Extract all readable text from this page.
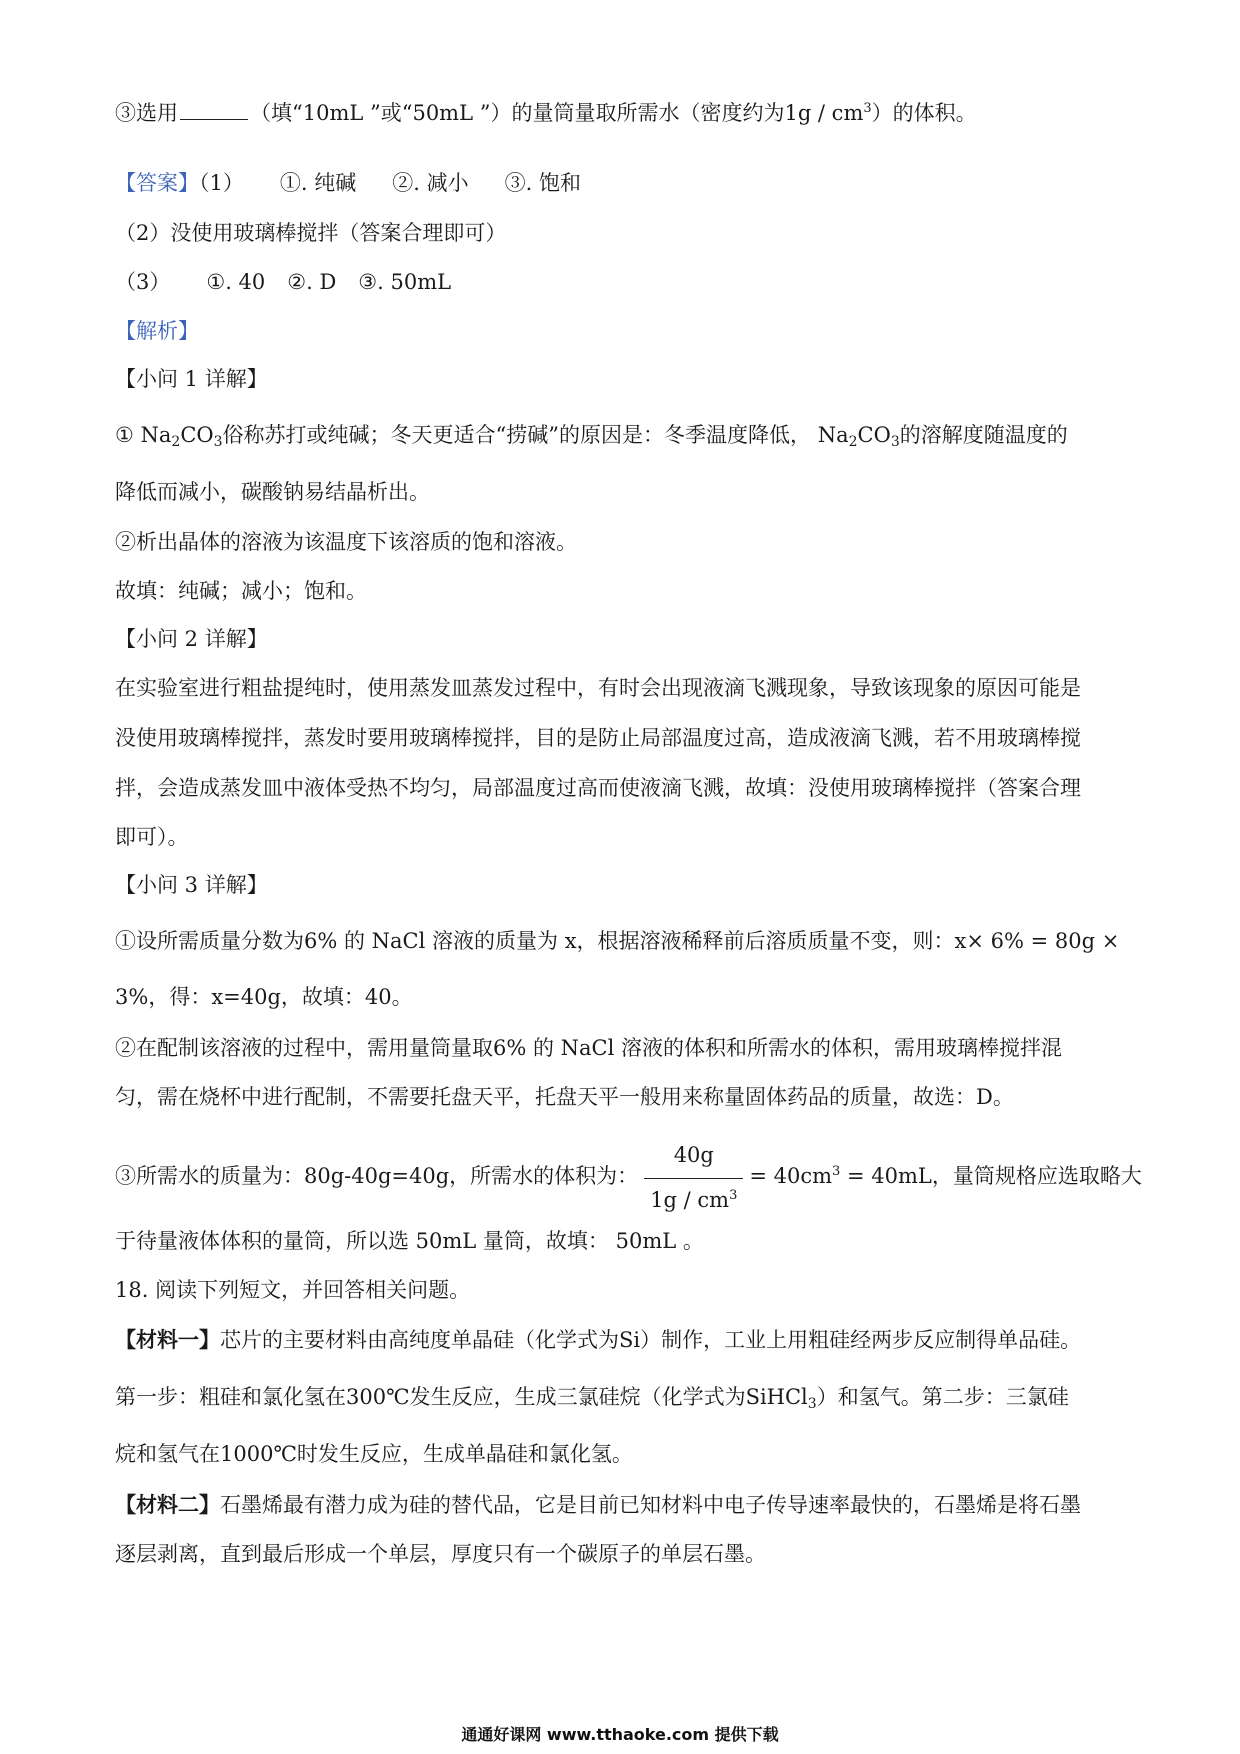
③选用	（填“10mL ”或“50mL ”）的量筒量取所需水（密度约为$1g / cm^3$）的体积。
【答案】（1） ①. 纯碱 ②. 减小 ③. 饱和
（2）没使用玻璃棒搅拌（答案合理即可）
（3） ①. 40 ②. D ③. 50mL
【解析】
【小问 1 详解】
① $Na_2CO_3$俗称苏打或纯碱；冬天更适合“捞碱”的原因是：冬季温度降低， $Na_2CO_3$的溶解度随温度的
降低而减小，碳酸钠易结晶析出。
②析出晶体的溶液为该温度下该溶质的饱和溶液。
故填：纯碱；减小；饱和。
【小问 2 详解】
在实验室进行粗盐提纯时，使用蒸发皿蒸发过程中，有时会出现液滴飞溅现象，导致该现象的原因可能是
没使用玻璃棒搅拌，蒸发时要用玻璃棒搅拌，目的是防止局部温度过高，造成液滴飞溅，若不用玻璃棒搅
拌，会造成蒸发皿中液体受热不均匀，局部温度过高而使液滴飞溅，故填：没使用玻璃棒搅拌（答案合理
即可）。
【小问 3 详解】
①设所需质量分数为6% 的 NaCl 溶液的质量为 x，根据溶液稀释前后溶质质量不变，则：x× 6% = 80g ×
3%，得：x=40g，故填：40。
②在配制该溶液的过程中，需用量筒量取6% 的 NaCl 溶液的体积和所需水的体积，需用玻璃棒搅拌混
匀，需在烧杯中进行配制，不需要托盘天平，托盘天平一般用来称量固体药品的质量，故选：D。
③所需水的质量为：80g-40g=40g，所需水的体积为： $\frac{40g}{1g / cm^3} = 40cm^3 = 40mL$，量筒规格应选取略大
于待量液体体积的量筒，所以选 50mL 量筒，故填： 50mL 。
18. 阅读下列短文，并回答相关问题。
【材料一】芯片的主要材料由高纯度单晶硅（化学式为Si）制作，工业上用粗硅经两步反应制得单品硅。
第一步：粗硅和氯化氢在300℃发生反应，生成三氯硅烷（化学式为SiHCl$_3$）和氢气。第二步：三氯硅
烷和氢气在1000℃时发生反应，生成单晶硅和氯化氢。
【材料二】石墨烯最有潜力成为硅的替代品，它是目前已知材料中电子传导速率最快的，石墨烯是将石墨
逐层剥离，直到最后形成一个单层，厚度只有一个碳原子的单层石墨。
通通好课网 www.tthaoke.com 提供下载
